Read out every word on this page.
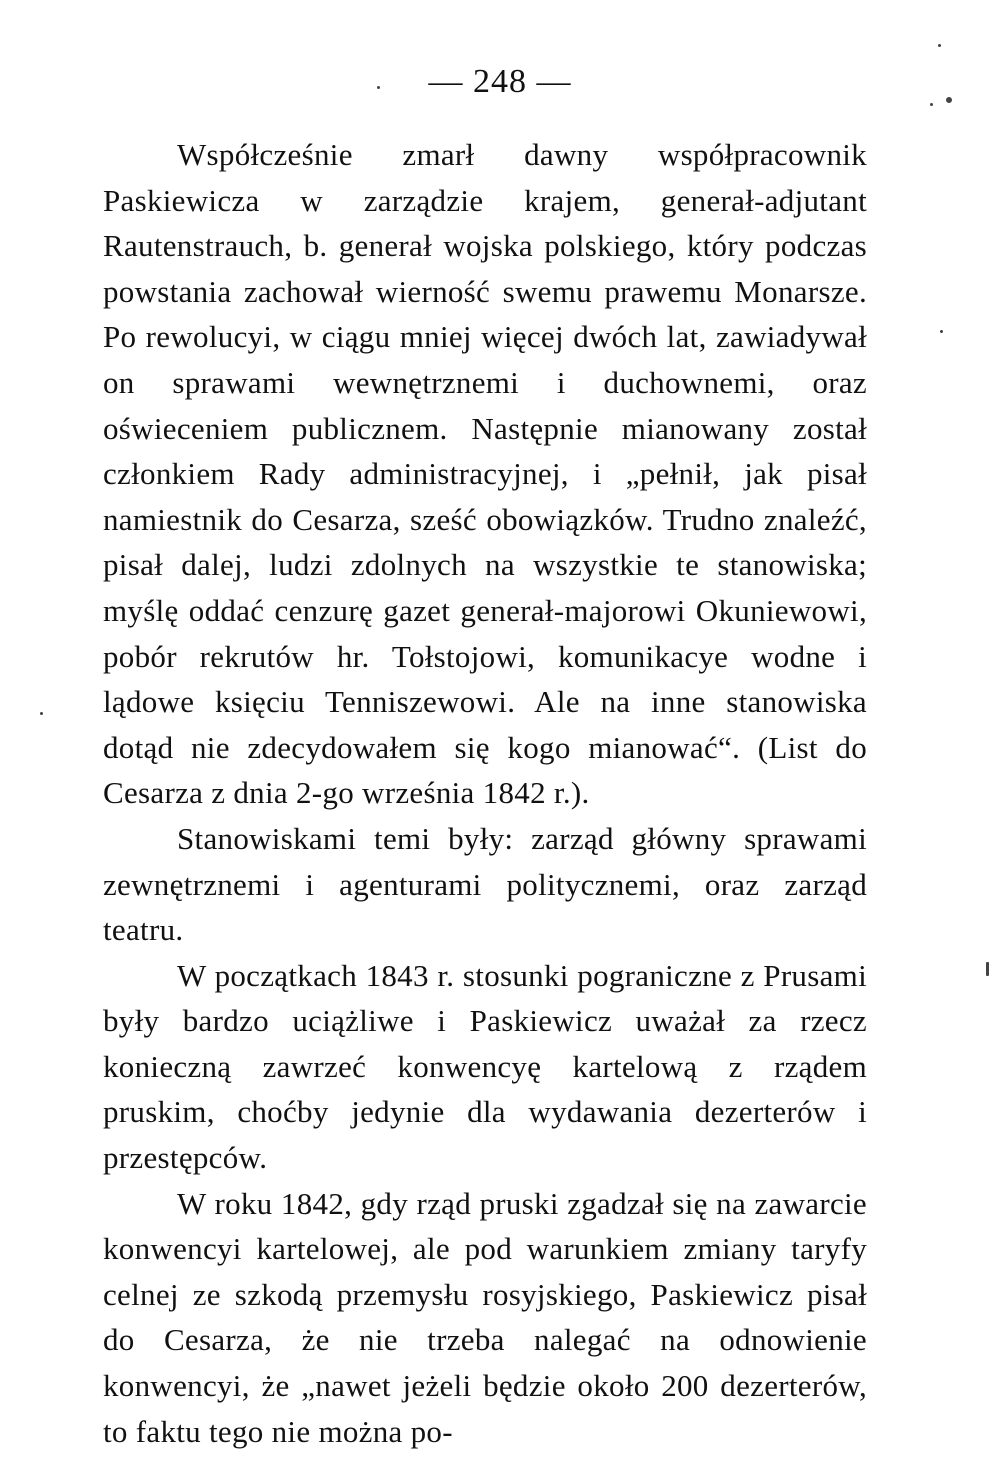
— 248 —

Współcześnie zmarł dawny współpracownik Paskiewicza w zarządzie krajem, generał-adjutant Rautenstrauch, b. generał wojska polskiego, który podczas powstania zachował wierność swemu prawemu Monarsze. Po rewolucyi, w ciągu mniej więcej dwóch lat, zawiadywał on sprawami wewnętrznemi i duchownemi, oraz oświeceniem publicznem. Następnie mianowany został członkiem Rady administracyjnej, i „pełnił, jak pisał namiestnik do Cesarza, sześć obowiązków. Trudno znaleźć, pisał dalej, ludzi zdolnych na wszystkie te stanowiska; myślę oddać cenzurę gazet generał-majorowi Okuniewowi, pobór rekrutów hr. Tołstojowi, komunikacye wodne i lądowe księciu Tenniszewowi. Ale na inne stanowiska dotąd nie zdecydowałem się kogo mianować“. (List do Cesarza z dnia 2-go września 1842 r.).

Stanowiskami temi były: zarząd główny sprawami zewnętrznemi i agenturami politycznemi, oraz zarząd teatru.

W początkach 1843 r. stosunki pograniczne z Prusami były bardzo uciążliwe i Paskiewicz uważał za rzecz konieczną zawrzeć konwencyę kartelową z rządem pruskim, choćby jedynie dla wydawania dezerterów i przestępców.

W roku 1842, gdy rząd pruski zgadzał się na zawarcie konwencyi kartelowej, ale pod warunkiem zmiany taryfy celnej ze szkodą przemysłu rosyjskiego, Paskiewicz pisał do Cesarza, że nie trzeba nalegać na odnowienie konwencyi, że „nawet jeżeli będzie około 200 dezerterów, to faktu tego nie można po-
